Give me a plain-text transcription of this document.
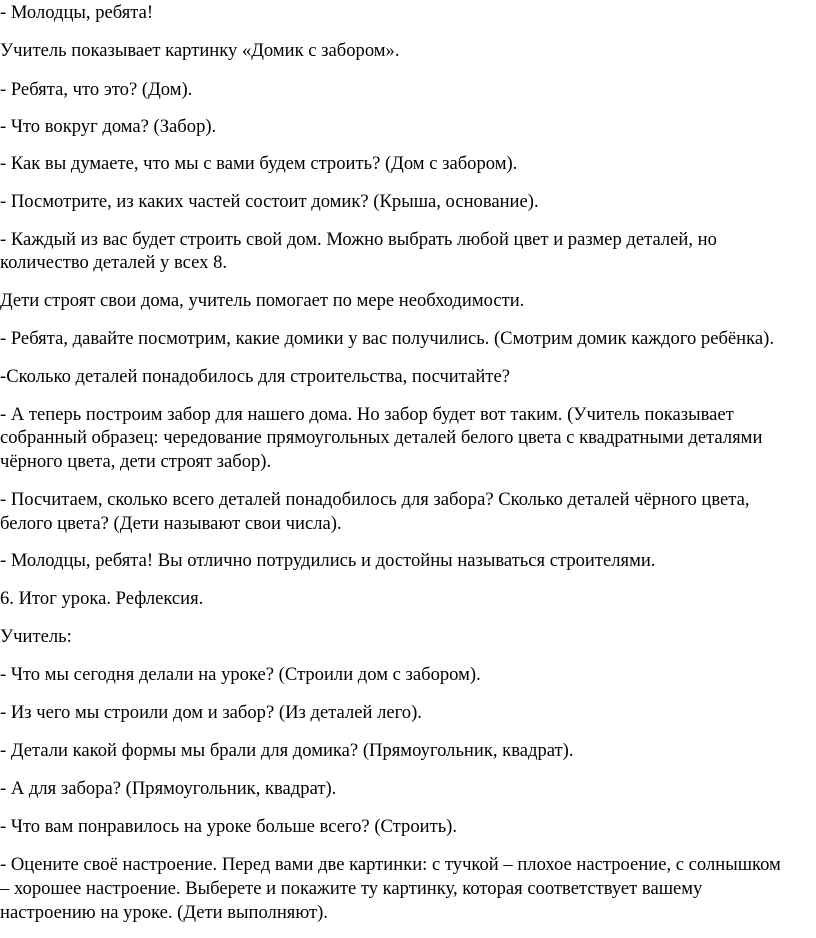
- Молодцы, ребята!

Учитель показывает картинку «Домик с забором».

- Ребята, что это? (Дом).

- Что вокруг дома? (Забор).

- Как вы думаете, что мы с вами будем строить? (Дом с забором).

- Посмотрите, из каких частей состоит домик? (Крыша, основание).

- Каждый из вас будет строить свой дом. Можно выбрать любой цвет и размер деталей, но

количество деталей у всех 8.

Дети строят свои дома, учитель помогает по мере необходимости.

- Ребята, давайте посмотрим, какие домики у вас получились. (Смотрим домик каждого ребёнка).

-Сколько деталей понадобилось для строительства, посчитайте?

- А теперь построим забор для нашего дома. Но забор будет вот таким. (Учитель показывает

собранный образец: чередование прямоугольных деталей белого цвета с квадратными деталями

чёрного цвета, дети строят забор).

- Посчитаем, сколько всего деталей понадобилось для забора? Сколько деталей чёрного цвета,

белого цвета? (Дети называют свои числа).

- Молодцы, ребята! Вы отлично потрудились и достойны называться строителями.

6. Итог урока. Рефлексия.

Учитель:

- Что мы сегодня делали на уроке? (Строили дом с забором).

- Из чего мы строили дом и забор? (Из деталей лего).

- Детали какой формы мы брали для домика? (Прямоугольник, квадрат).

- А для забора? (Прямоугольник, квадрат).

- Что вам понравилось на уроке больше всего? (Строить).

- Оцените своё настроение. Перед вами две картинки: с тучкой – плохое настроение, с солнышком

– хорошее настроение. Выберете и покажите ту картинку, которая соответствует вашему

настроению на уроке. (Дети выполняют).
